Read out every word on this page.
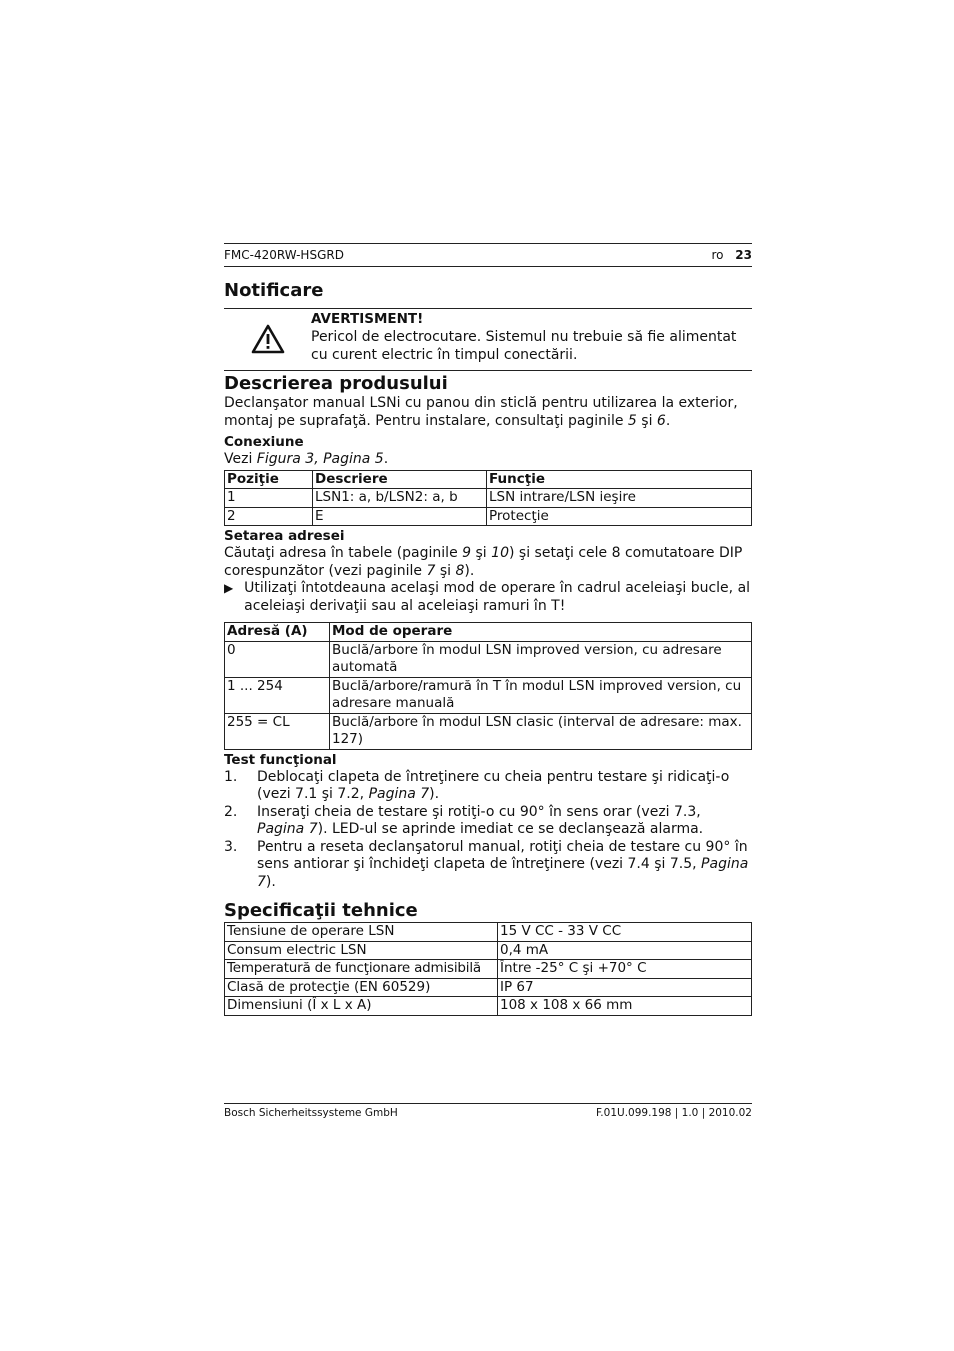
FMC-420RW-HSGRD	ro 23
Notificare
AVERTISMENT!
Pericol de electrocutare. Sistemul nu trebuie să fie alimentat cu curent electric în timpul conectării.
Descrierea produsului

Declanşator manual LSNi cu panou din sticlă pentru utilizarea la exterior, montaj pe suprafaţă. Pentru instalare, consultaţi paginile 5 şi 6.

Conexiune

Vezi Figura 3, Pagina 5.

Poziţie	Descriere	Funcţie
1	LSN1: a, b/LSN2: a, b	LSN intrare/LSN ieşire
2	E	Protecţie
Setarea adresei

Căutaţi adresa în tabele (paginile 9 şi 10) şi setaţi cele 8 comutatoare DIP corespunzător (vezi paginile 7 şi 8).

▶ Utilizaţi întotdeauna acelaşi mod de operare în cadrul aceleiaşi bucle, al aceleiaşi derivaţii sau al aceleiaşi ramuri în T!
Adresă (A)	Mod de operare
0	Buclă/arbore în modul LSN improved version, cu adresare automată
1 ... 254	Buclă/arbore/ramură în T în modul LSN improved version, cu adresare manuală
255 = CL	Buclă/arbore în modul LSN clasic (interval de adresare: max. 127)
Test funcţional
1.	Deblocaţi clapeta de întreţinere cu cheia pentru testare şi ridicaţi-o (vezi 7.1 şi 7.2, Pagina 7).
2.	Inseraţi cheia de testare şi rotiţi-o cu 90° în sens orar (vezi 7.3, Pagina 7). LED-ul se aprinde imediat ce se declanşează alarma.
3.	Pentru a reseta declanşatorul manual, rotiţi cheia de testare cu 90° în sens antiorar şi închideţi clapeta de întreţinere (vezi 7.4 şi 7.5, Pagina 7).
Specificaţii tehnice
Tensiune de operare LSN	15 V CC - 33 V CC
Consum electric LSN	0,4 mA
Temperatură de funcţionare admisibilă	Între -25° C şi +70° C
Clasă de protecţie (EN 60529)	IP 67
Dimensiuni (Î x L x A)	108 x 108 x 66 mm
Bosch Sicherheitssysteme GmbH	F.01U.099.198 | 1.0 | 2010.02
